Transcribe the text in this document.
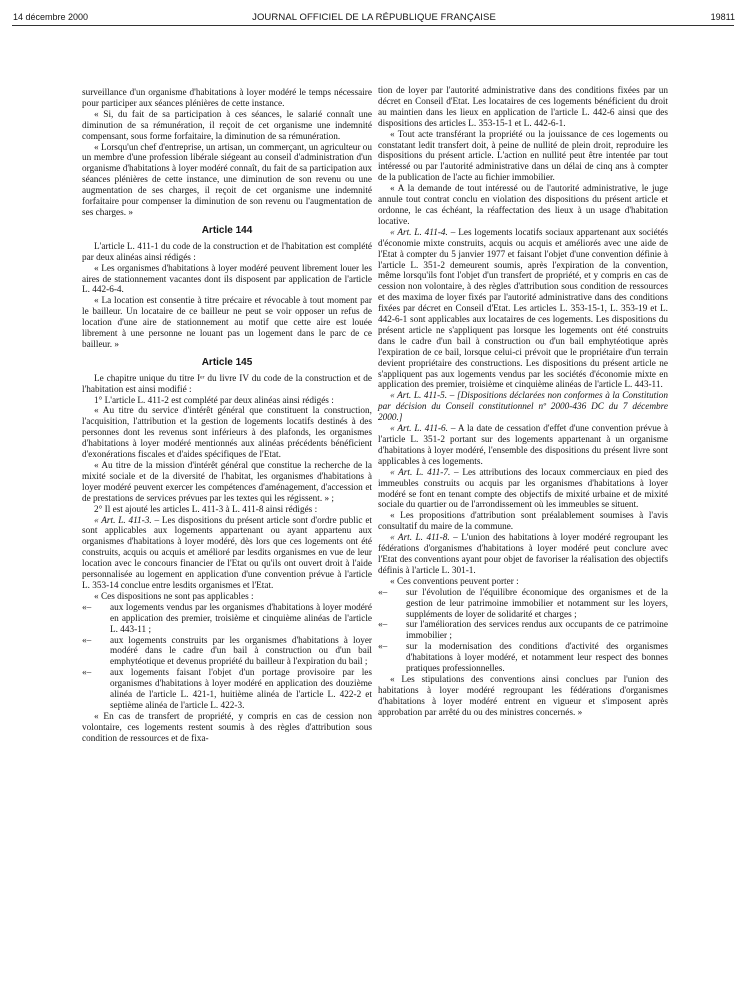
14 décembre 2000	JOURNAL OFFICIEL DE LA RÉPUBLIQUE FRANÇAISE	19811

surveillance d'un organisme d'habitations à loyer modéré le temps nécessaire pour participer aux séances plénières de cette instance.

« Si, du fait de sa participation à ces séances, le salarié connaît une diminution de sa rémunération, il reçoit de cet organisme une indemnité compensant, sous forme forfaitaire, la diminution de sa rémunération.

« Lorsqu'un chef d'entreprise, un artisan, un commerçant, un agriculteur ou un membre d'une profession libérale siégeant au conseil d'administration d'un organisme d'habitations à loyer modéré connaît, du fait de sa participation aux séances plénières de cette instance, une diminution de son revenu ou une augmentation de ses charges, il reçoit de cet organisme une indemnité forfaitaire pour compenser la diminution de son revenu ou l'augmentation de ses charges. »

Article 144

L'article L. 411-1 du code de la construction et de l'habitation est complété par deux alinéas ainsi rédigés :

« Les organismes d'habitations à loyer modéré peuvent librement louer les aires de stationnement vacantes dont ils disposent par application de l'article L. 442-6-4.

« La location est consentie à titre précaire et révocable à tout moment par le bailleur. Un locataire de ce bailleur ne peut se voir opposer un refus de location d'une aire de stationnement au motif que cette aire est louée librement à une personne ne louant pas un logement dans le parc de ce bailleur. »

Article 145

Le chapitre unique du titre Iᵉʳ du livre IV du code de la construction et de l'habitation est ainsi modifié :

1° L'article L. 411-2 est complété par deux alinéas ainsi rédigés :

« Au titre du service d'intérêt général que constituent la construction, l'acquisition, l'attribution et la gestion de logements locatifs destinés à des personnes dont les revenus sont inférieurs à des plafonds, les organismes d'habitations à loyer modéré mentionnés aux alinéas précédents bénéficient d'exonérations fiscales et d'aides spécifiques de l'Etat.

« Au titre de la mission d'intérêt général que constitue la recherche de la mixité sociale et de la diversité de l'habitat, les organismes d'habitations à loyer modéré peuvent exercer les compétences d'aménagement, d'accession et de prestations de services prévues par les textes qui les régissent. » ;

2° Il est ajouté les articles L. 411-3 à L. 411-8 ainsi rédigés :

« Art. L. 411-3. – Les dispositions du présent article sont d'ordre public et sont applicables aux logements appartenant ou ayant appartenu aux organismes d'habitations à loyer modéré, dès lors que ces logements ont été construits, acquis ou acquis et amélioré par lesdits organismes en vue de leur location avec le concours financier de l'Etat ou qu'ils ont ouvert droit à l'aide personnalisée au logement en application d'une convention prévue à l'article L. 353-14 conclue entre lesdits organismes et l'Etat.

« Ces dispositions ne sont pas applicables :

«– aux logements vendus par les organismes d'habitations à loyer modéré en application des premier, troisième et cinquième alinéas de l'article L. 443-11 ;
«– aux logements construits par les organismes d'habitations à loyer modéré dans le cadre d'un bail à construction ou d'un bail emphytéotique et devenus propriété du bailleur à l'expiration du bail ;
«– aux logements faisant l'objet d'un portage provisoire par les organismes d'habitations à loyer modéré en application des douzième alinéa de l'article L. 421-1, huitième alinéa de l'article L. 422-2 et septième alinéa de l'article L. 422-3.

« En cas de transfert de propriété, y compris en cas de cession non volontaire, ces logements restent soumis à des règles d'attribution sous condition de ressources et de fixa-

tion de loyer par l'autorité administrative dans des conditions fixées par un décret en Conseil d'Etat. Les locataires de ces logements bénéficient du droit au maintien dans les lieux en application de l'article L. 442-6 ainsi que des dispositions des articles L. 353-15-1 et L. 442-6-1.

« Tout acte transférant la propriété ou la jouissance de ces logements ou constatant ledit transfert doit, à peine de nullité de plein droit, reproduire les dispositions du présent article. L'action en nullité peut être intentée par tout intéressé ou par l'autorité administrative dans un délai de cinq ans à compter de la publication de l'acte au fichier immobilier.

« A la demande de tout intéressé ou de l'autorité administrative, le juge annule tout contrat conclu en violation des dispositions du présent article et ordonne, le cas échéant, la réaffectation des lieux à un usage d'habitation locative.

« Art. L. 411-4. – Les logements locatifs sociaux appartenant aux sociétés d'économie mixte construits, acquis ou acquis et améliorés avec une aide de l'Etat à compter du 5 janvier 1977 et faisant l'objet d'une convention définie à l'article L. 351-2 demeurent soumis, après l'expiration de la convention, même lorsqu'ils font l'objet d'un transfert de propriété, et y compris en cas de cession non volontaire, à des règles d'attribution sous condition de ressources et des maxima de loyer fixés par l'autorité administrative dans des conditions fixées par décret en Conseil d'Etat. Les articles L. 353-15-1, L. 353-19 et L. 442-6-1 sont applicables aux locataires de ces logements. Les dispositions du présent article ne s'appliquent pas lorsque les logements ont été construits dans le cadre d'un bail à construction ou d'un bail emphytéotique après l'expiration de ce bail, lorsque celui-ci prévoit que le propriétaire d'un terrain devient propriétaire des constructions. Les dispositions du présent article ne s'appliquent pas aux logements vendus par les sociétés d'économie mixte en application des premier, troisième et cinquième alinéas de l'article L. 443-11.

« Art. L. 411-5. – [Dispositions déclarées non conformes à la Constitution par décision du Conseil constitutionnel nº 2000-436 DC du 7 décembre 2000.]

« Art. L. 411-6. – A la date de cessation d'effet d'une convention prévue à l'article L. 351-2 portant sur des logements appartenant à un organisme d'habitations à loyer modéré, l'ensemble des dispositions du présent livre sont applicables à ces logements.

« Art. L. 411-7. – Les attributions des locaux commerciaux en pied des immeubles construits ou acquis par les organismes d'habitations à loyer modéré se font en tenant compte des objectifs de mixité urbaine et de mixité sociale du quartier ou de l'arrondissement où les immeubles se situent.

« Les propositions d'attribution sont préalablement soumises à l'avis consultatif du maire de la commune.

« Art. L. 411-8. – L'union des habitations à loyer modéré regroupant les fédérations d'organismes d'habitations à loyer modéré peut conclure avec l'Etat des conventions ayant pour objet de favoriser la réalisation des objectifs définis à l'article L. 301-1.

« Ces conventions peuvent porter :

«– sur l'évolution de l'équilibre économique des organismes et de la gestion de leur patrimoine immobilier et notamment sur les loyers, suppléments de loyer de solidarité et charges ;
«– sur l'amélioration des services rendus aux occupants de ce patrimoine immobilier ;
«– sur la modernisation des conditions d'activité des organismes d'habitations à loyer modéré, et notamment leur respect des bonnes pratiques professionnelles.

« Les stipulations des conventions ainsi conclues par l'union des habitations à loyer modéré regroupant les fédérations d'organismes d'habitations à loyer modéré entrent en vigueur et s'imposent après approbation par arrêté du ou des ministres concernés. »
